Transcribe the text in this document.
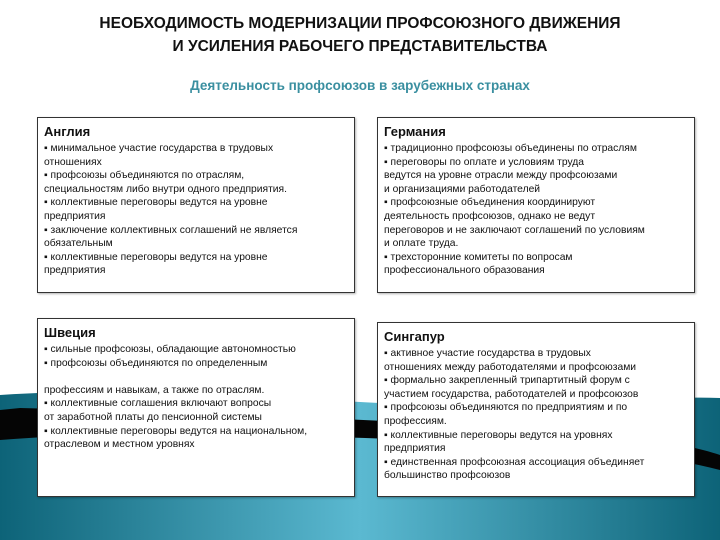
НЕОБХОДИМОСТЬ МОДЕРНИЗАЦИИ ПРОФСОЮЗНОГО ДВИЖЕНИЯ
И УСИЛЕНИЯ РАБОЧЕГО ПРЕДСТАВИТЕЛЬСТВА
Деятельность профсоюзов в зарубежных странах
Англия

▪ минимальное участие государства в трудовых
отношениях
▪ профсоюзы объединяются по отраслям,
специальностям либо внутри одного предприятия.
▪ коллективные переговоры ведутся на уровне
предприятия
▪ заключение коллективных соглашений не является
обязательным
▪ коллективные переговоры ведутся на уровне
предприятия

Германия

▪ традиционно профсоюзы объединены по отраслям
▪ переговоры по оплате и условиям труда
ведутся на уровне отрасли между профсоюзами
и организациями работодателей
▪ профсоюзные объединения координируют
деятельность профсоюзов, однако не ведут
переговоров и не заключают соглашений по условиям
и оплате труда.
▪ трехсторонние комитеты по вопросам
профессионального образования

Швеция

▪ сильные профсоюзы, обладающие автономностью
▪ профсоюзы объединяются по определенным

профессиям и навыкам, а также по отраслям.
▪ коллективные соглашения включают вопросы
от заработной платы до пенсионной системы
▪ коллективные переговоры ведутся на национальном,
отраслевом и местном уровнях

Сингапур

▪ активное участие государства в трудовых
отношениях между работодателями и профсоюзами
▪ формально закрепленный трипартитный форум с
участием государства, работодателей и профсоюзов
▪ профсоюзы объединяются по предприятиям и по
профессиям.
▪ коллективные переговоры ведутся на уровнях
предприятия
▪ единственная профсоюзная ассоциация объединяет
большинство профсоюзов
